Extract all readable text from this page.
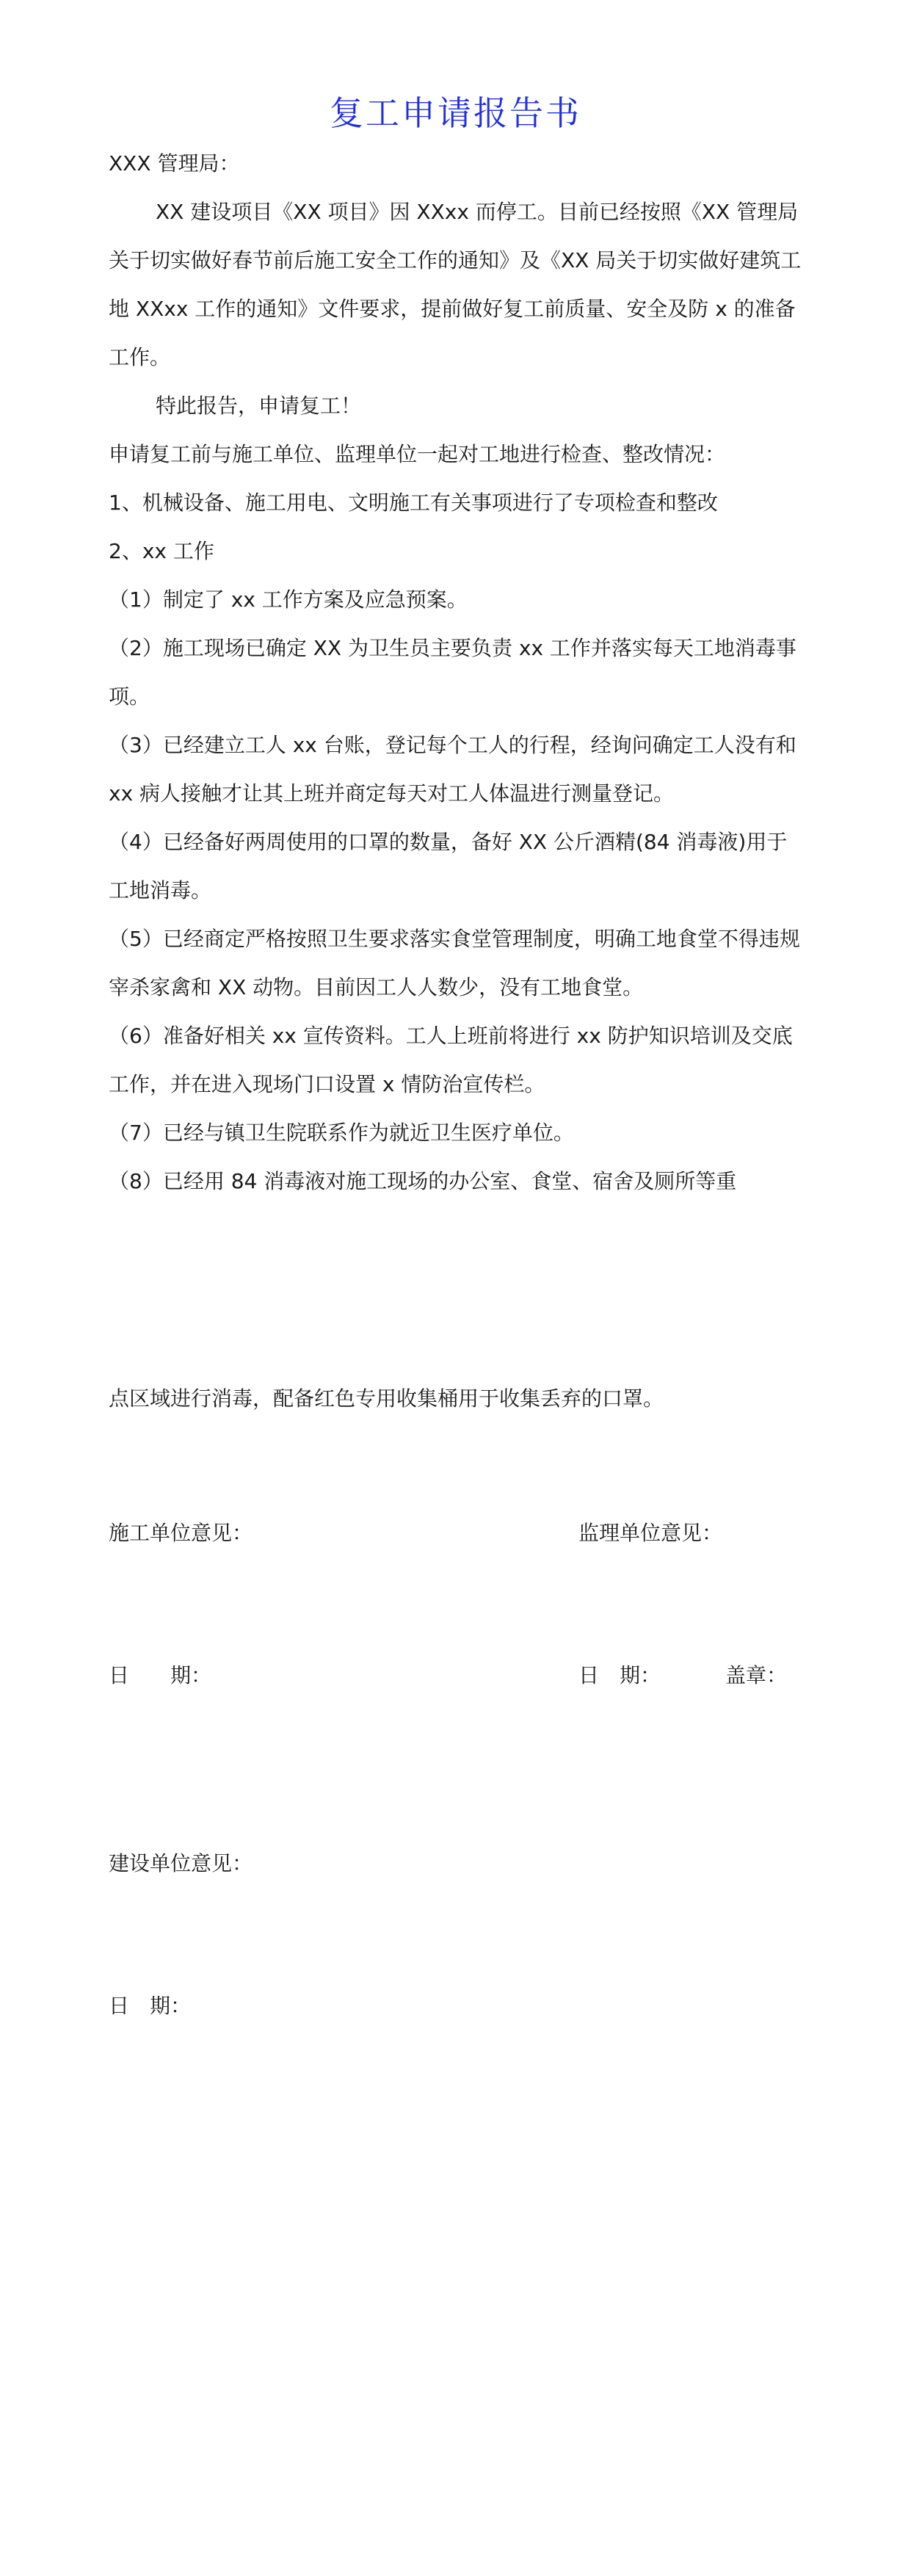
复工申请报告书

XXX 管理局：

XX 建设项目《XX 项目》因 XXxx 而停工。目前已经按照《XX 管理局关于切实做好春节前后施工安全工作的通知》及《XX 局关于切实做好建筑工地 XXxx 工作的通知》文件要求，提前做好复工前质量、安全及防 x 的准备工作。

特此报告，申请复工！

申请复工前与施工单位、监理单位一起对工地进行检查、整改情况：

1、机械设备、施工用电、文明施工有关事项进行了专项检查和整改

2、xx 工作

（1）制定了 xx 工作方案及应急预案。

（2）施工现场已确定 XX 为卫生员主要负责 xx 工作并落实每天工地消毒事项。

（3）已经建立工人 xx 台账，登记每个工人的行程，经询问确定工人没有和 xx 病人接触才让其上班并商定每天对工人体温进行测量登记。

（4）已经备好两周使用的口罩的数量，备好 XX 公斤酒精(84 消毒液)用于工地消毒。

（5）已经商定严格按照卫生要求落实食堂管理制度，明确工地食堂不得违规宰杀家禽和 XX 动物。目前因工人人数少，没有工地食堂。

（6）准备好相关 xx 宣传资料。工人上班前将进行 xx 防护知识培训及交底工作，并在进入现场门口设置 x 情防治宣传栏。

（7）已经与镇卫生院联系作为就近卫生医疗单位。

（8）已经用 84 消毒液对施工现场的办公室、食堂、宿舍及厕所等重

点区域进行消毒，配备红色专用收集桶用于收集丢弃的口罩。
施工单位意见：	监理单位意见：
日　　期：	日　期：	盖章：
建设单位意见：
日　期：
